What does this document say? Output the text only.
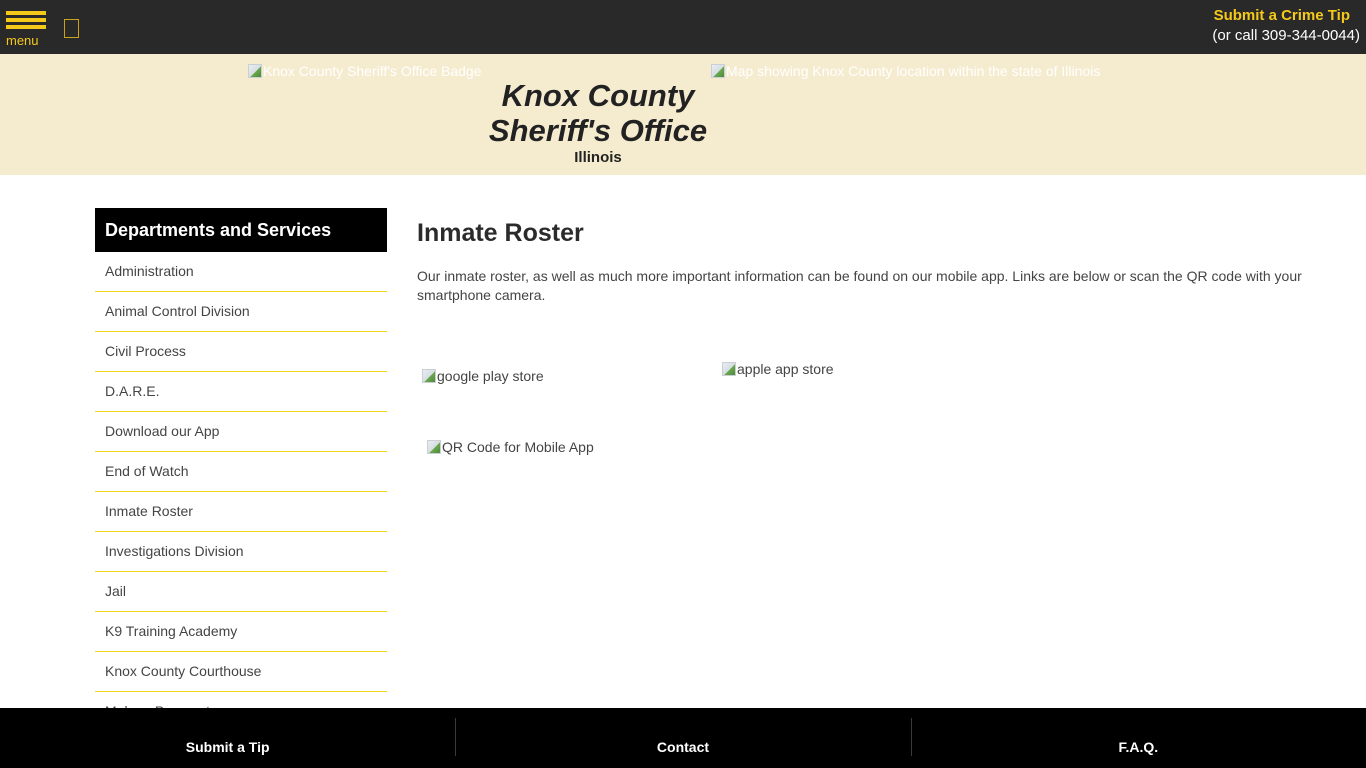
menu
Submit a Crime Tip
(or call 309-344-0044)
Knox County Sheriff's Office Badge
Knox County
Sheriff's Office
Illinois
Map showing Knox County location within the state of Illinois
Departments and Services
Administration
Animal Control Division
Civil Process
D.A.R.E.
Download our App
End of Watch
Inmate Roster
Investigations Division
Jail
K9 Training Academy
Knox County Courthouse
Inmate Roster

Our inmate roster, as well as much more important information can be found on our mobile app. Links are below or scan the QR code with your smartphone camera.

google play store	apple app store
QR Code for Mobile App
Submit a Tip	Contact	F.A.Q.
